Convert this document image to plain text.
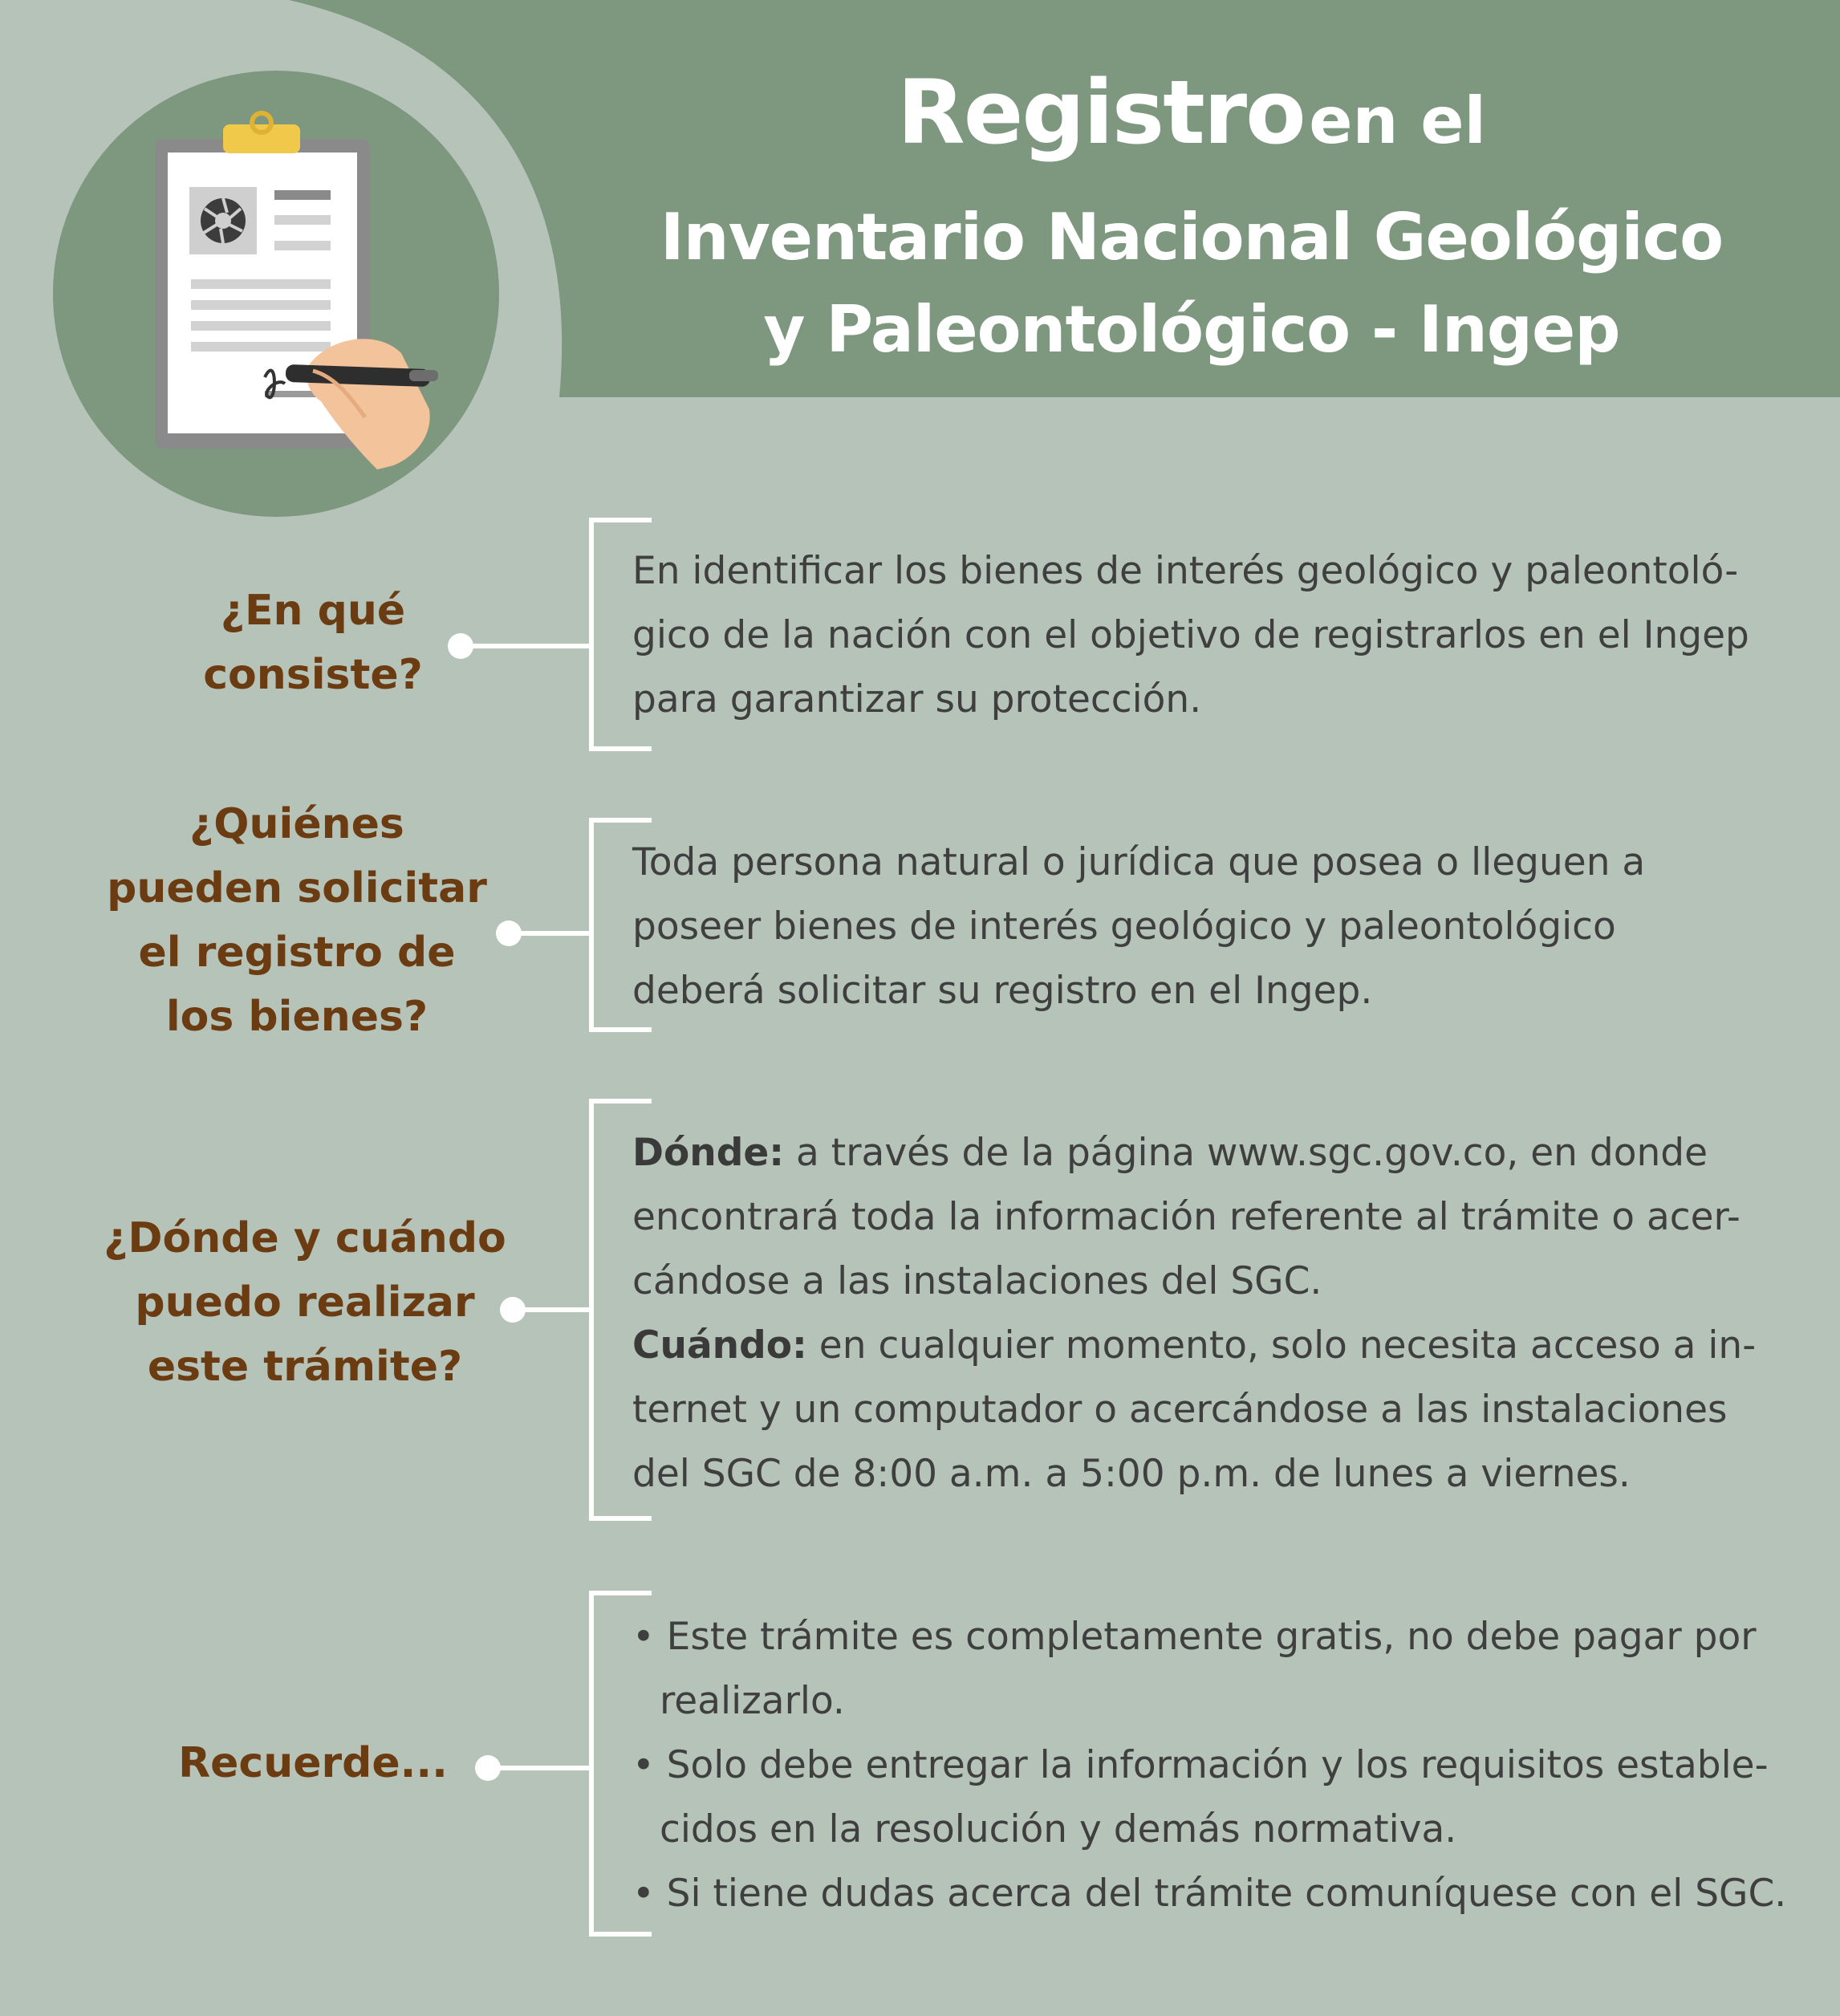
Registro en el
Inventario Nacional Geológico
y Paleontológico - Ingep
¿En qué
consiste?
En identificar los bienes de interés geológico y paleontoló-
gico de la nación con el objetivo de registrarlos en el Ingep
para garantizar su protección.
¿Quiénes
pueden solicitar
el registro de
los bienes?
Toda persona natural o jurídica que posea o lleguen a
poseer bienes de interés geológico y paleontológico
deberá solicitar su registro en el Ingep.
¿Dónde y cuándo
puedo realizar
este trámite?
Dónde: a través de la página www.sgc.gov.co, en donde
encontrará toda la información referente al trámite o acer-
cándose a las instalaciones del SGC.
Cuándo: en cualquier momento, solo necesita acceso a in-
ternet y un computador o acercándose a las instalaciones
del SGC de 8:00 a.m. a 5:00 p.m. de lunes a viernes.
Recuerde...
• Este trámite es completamente gratis, no debe pagar por
realizarlo.
• Solo debe entregar la información y los requisitos estable-
cidos en la resolución y demás normativa.
• Si tiene dudas acerca del trámite comuníquese con el SGC.
